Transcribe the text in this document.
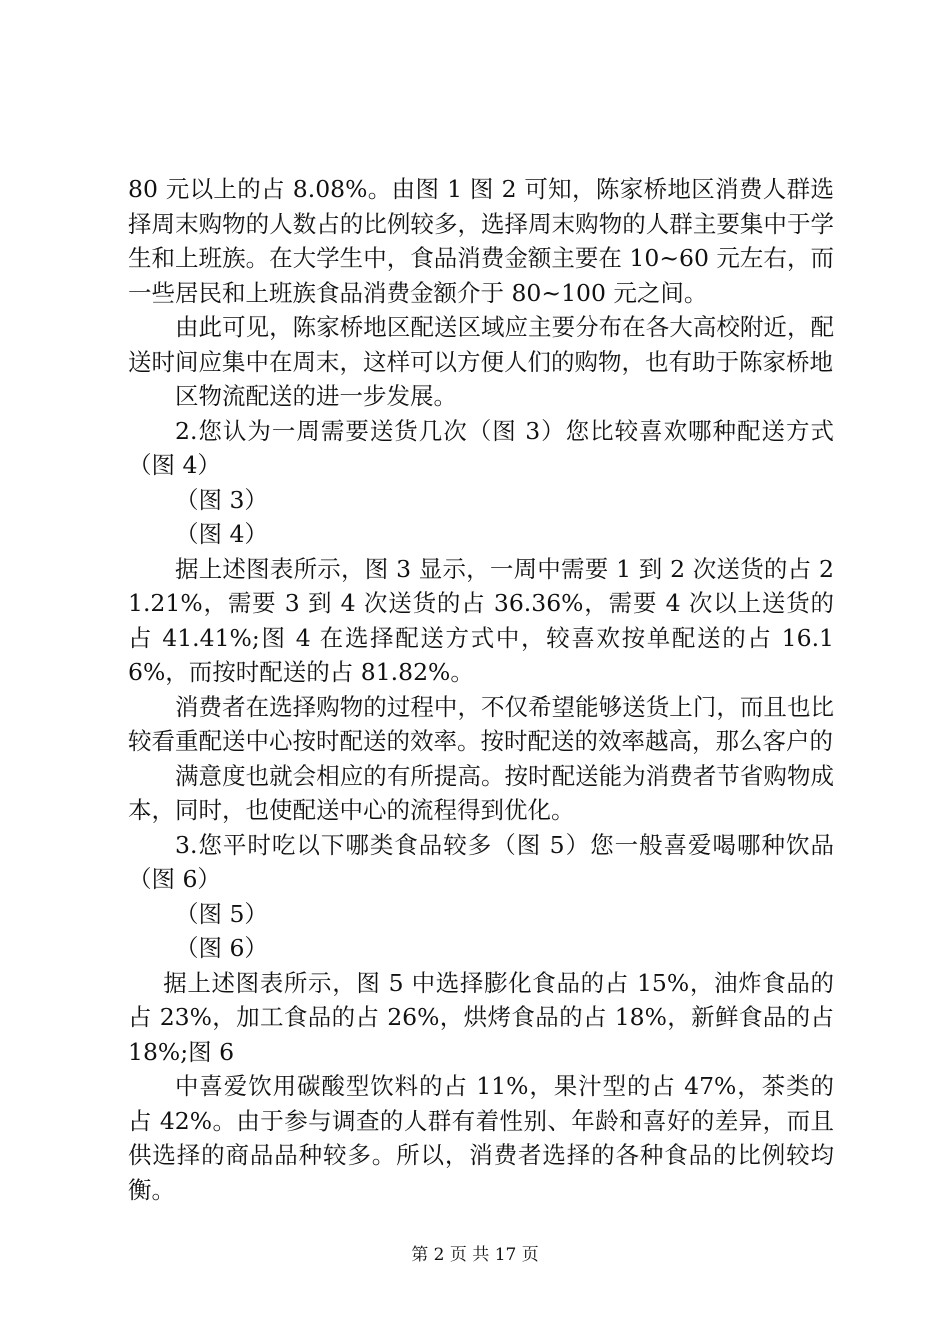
80 元以上的占 8.08%。由图 1 图 2 可知，陈家桥地区消费人群选择周末购物的人数占的比例较多，选择周末购物的人群主要集中于学生和上班族。在大学生中，食品消费金额主要在 10~60 元左右，而一些居民和上班族食品消费金额介于 80~100 元之间。

由此可见，陈家桥地区配送区域应主要分布在各大高校附近，配送时间应集中在周末，这样可以方便人们的购物，也有助于陈家桥地

区物流配送的进一步发展。

2.您认为一周需要送货几次（图 3）您比较喜欢哪种配送方式（图 4）

（图 3）

（图 4）

据上述图表所示，图 3 显示，一周中需要 1 到 2 次送货的占 21.21%，需要 3 到 4 次送货的占 36.36%，需要 4 次以上送货的占 41.41%;图 4 在选择配送方式中，较喜欢按单配送的占 16.16%，而按时配送的占 81.82%。

消费者在选择购物的过程中，不仅希望能够送货上门，而且也比较看重配送中心按时配送的效率。按时配送的效率越高，那么客户的

满意度也就会相应的有所提高。按时配送能为消费者节省购物成本，同时，也使配送中心的流程得到优化。

3.您平时吃以下哪类食品较多（图 5）您一般喜爱喝哪种饮品（图 6）

（图 5）

（图 6）

据上述图表所示，图 5 中选择膨化食品的占 15%，油炸食品的占 23%，加工食品的占 26%，烘烤食品的占 18%，新鲜食品的占 18%;图 6

中喜爱饮用碳酸型饮料的占 11%，果汁型的占 47%，茶类的占 42%。由于参与调查的人群有着性别、年龄和喜好的差异，而且供选择的商品品种较多。所以，消费者选择的各种食品的比例较均衡。

第 2 页 共 17 页
